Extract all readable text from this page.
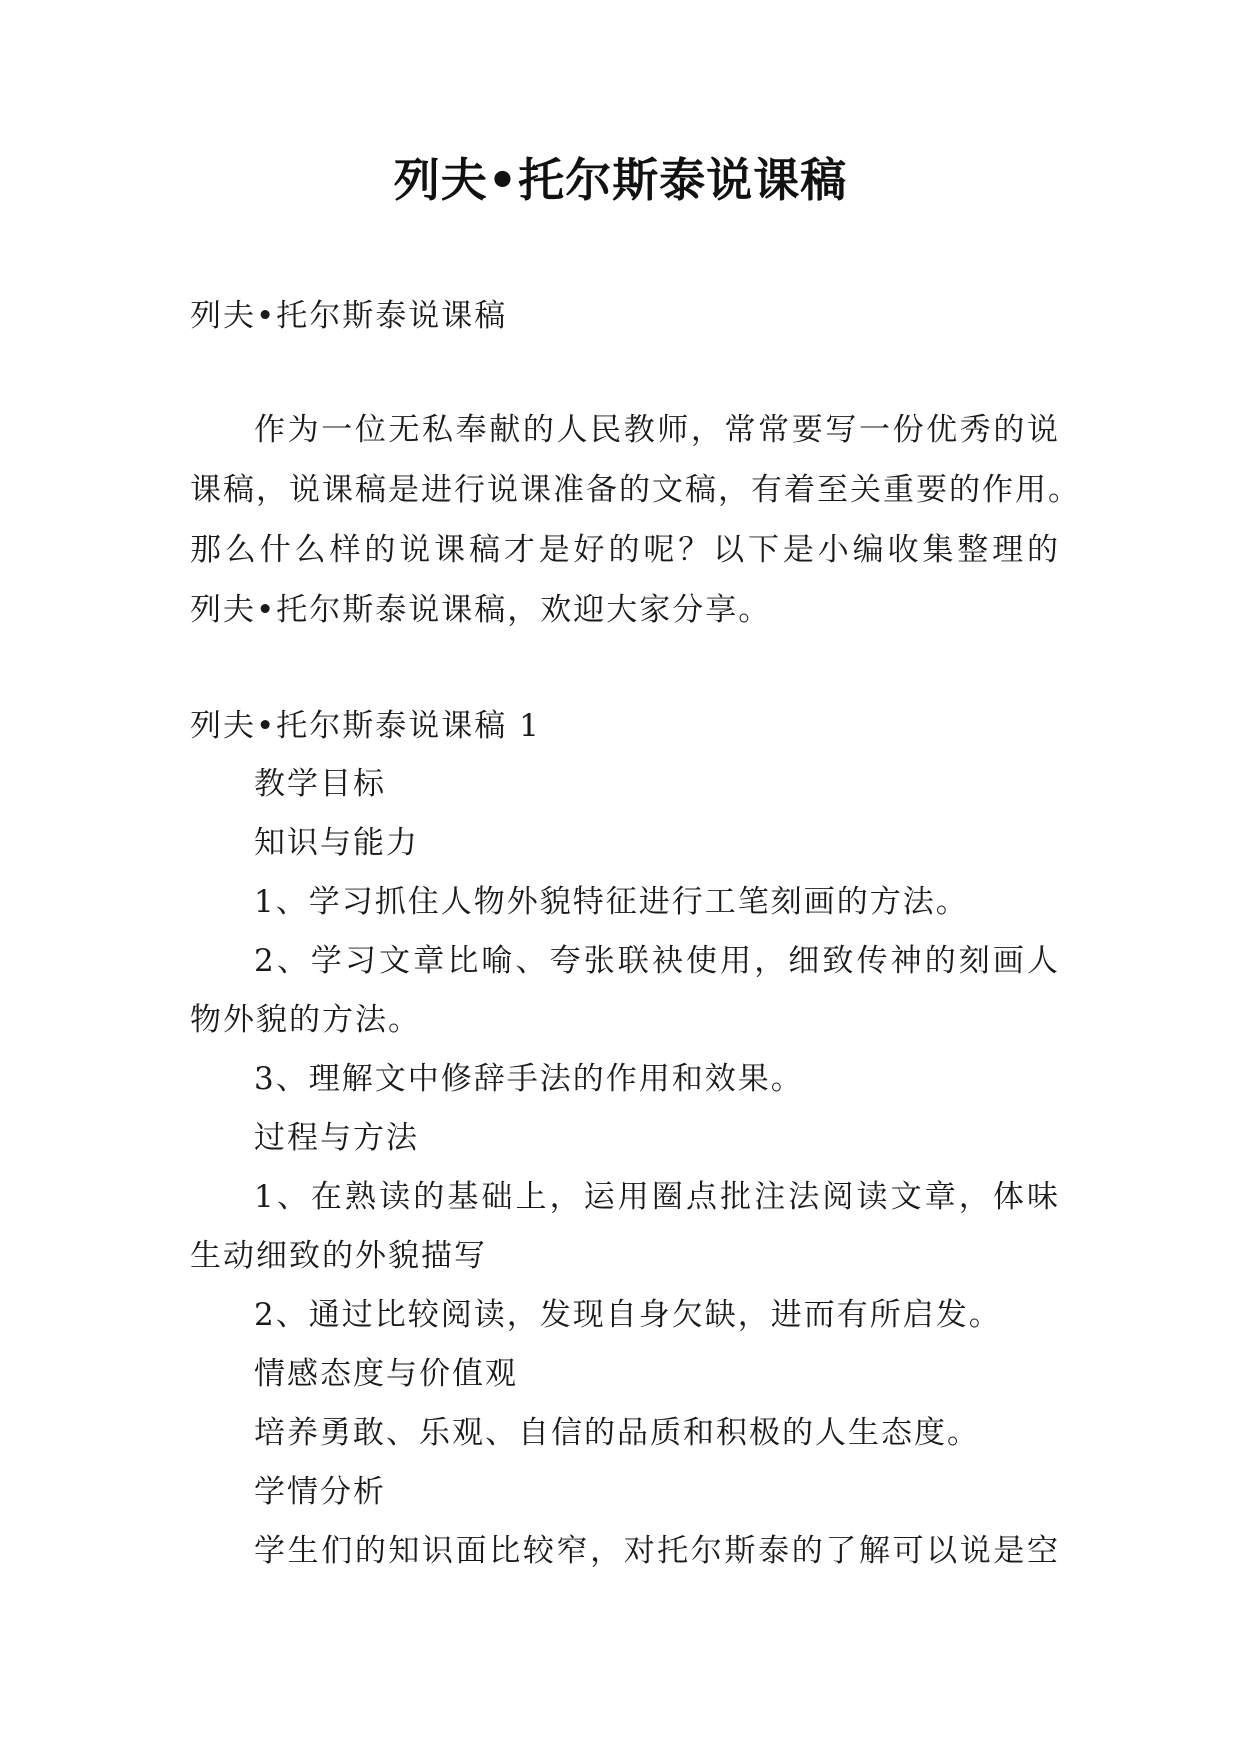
列夫•托尔斯泰说课稿
列夫•托尔斯泰说课稿
作为一位无私奉献的人民教师，常常要写一份优秀的说
课稿，说课稿是进行说课准备的文稿，有着至关重要的作用。
那么什么样的说课稿才是好的呢？以下是小编收集整理的
列夫•托尔斯泰说课稿，欢迎大家分享。
列夫•托尔斯泰说课稿 1
教学目标
知识与能力
1、学习抓住人物外貌特征进行工笔刻画的方法。
2、学习文章比喻、夸张联袂使用，细致传神的刻画人
物外貌的方法。
3、理解文中修辞手法的作用和效果。
过程与方法
1、在熟读的基础上，运用圈点批注法阅读文章，体味
生动细致的外貌描写
2、通过比较阅读，发现自身欠缺，进而有所启发。
情感态度与价值观
培养勇敢、乐观、自信的品质和积极的人生态度。
学情分析
学生们的知识面比较窄，对托尔斯泰的了解可以说是空
